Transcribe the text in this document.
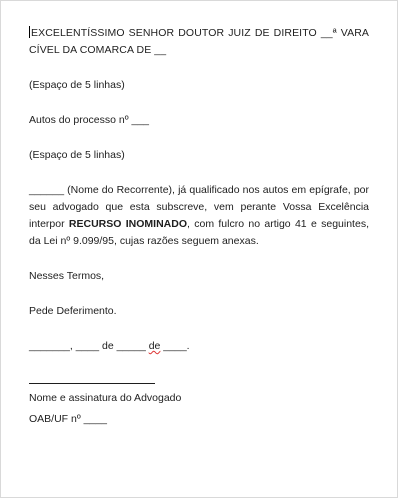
EXCELENTÍSSIMO SENHOR DOUTOR JUIZ DE DIREITO __ª VARA CÍVEL DA COMARCA DE __

(Espaço de 5 linhas)

Autos do processo nº ___

(Espaço de 5 linhas)

______ (Nome do Recorrente), já qualificado nos autos em epígrafe, por seu advogado que esta subscreve, vem perante Vossa Excelência interpor RECURSO INOMINADO, com fulcro no artigo 41 e seguintes, da Lei nº 9.099/95, cujas razões seguem anexas.

Nesses Termos,

Pede Deferimento.

_______, ____ de _____ de ____.

Nome e assinatura do Advogado

OAB/UF nº ____
